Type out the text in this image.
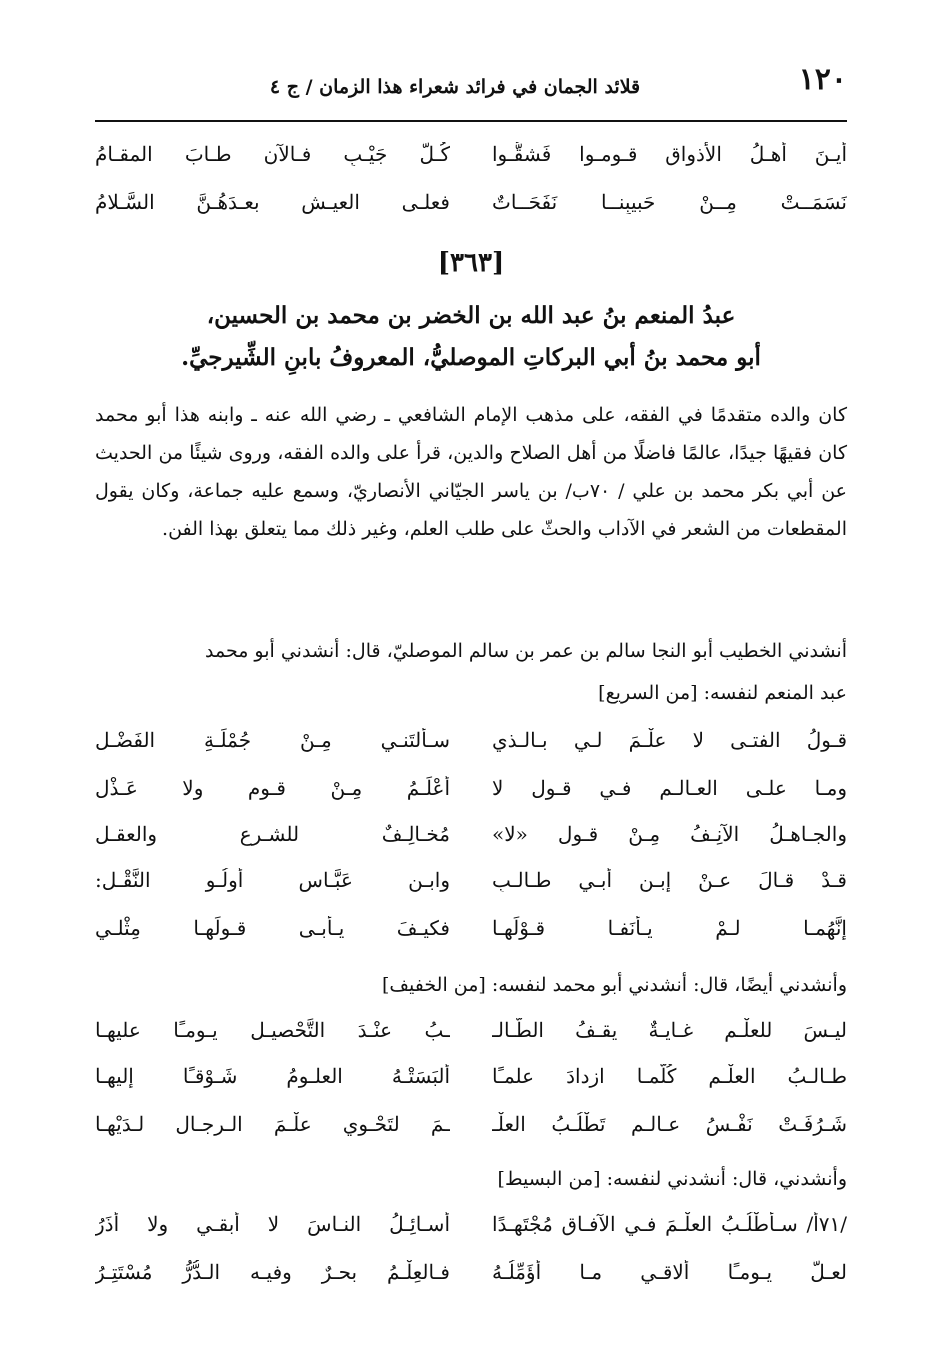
١٢٠
قلائد الجمان في فرائد شعراء هذا الزمان / ج ٤
أيـنَ أهـلُ الأذواق قـومـوا فَشقُّـوا
كُـلَّ جَيْـبٍ فـالآن طـابَ المقـامُ
نَسَمَــتْ مِــنْ حَبيبِنــا نَفَحَــاتٌ
فعلـى العيـشِ بعـدَهُـنَّ السَّـلامُ
[٣٦٣]
عبدُ المنعم بنُ عبد الله بن الخضر بن محمد بن الحسين،
أبو محمد بنُ أبي البركاتِ الموصليُّ، المعروفُ بابنِ الشِّيرجيِّ.
كان والده متقدمًا في الفقه، على مذهب الإمام الشافعي ـ رضي الله عنه ـ وابنه هذا أبو محمد كان فقيهًا جيدًا، عالمًا فاضلًا من أهل الصلاح والدين، قرأ على والده الفقه، وروى شيئًا من الحديث عن أبي بكر محمد بن علي / ٧٠ب/ بن ياسر الجيّاني الأنصاريّ، وسمع عليه جماعة، وكان يقول المقطعات من الشعر في الآداب والحثّ على طلب العلم، وغير ذلك مما يتعلق بهذا الفن.
أنشدني الخطيب أبو النجا سالم بن عمر بن سالم الموصليّ، قال: أنشدني أبو محمد
عبد المنعم لنفسه: [من السريع]
قـولُ الفتـى لا علْـمَ لـي بـالـذي
سـألتَنـي مِـنْ جُمْلَـةِ الفَضْـلِ
ومـا علـى العـالـمِ فـي قـول لا
أعْلَـمُ مِـنْ قـومٍ ولا عَـذْلِ
والجـاهـلُ الآنِـفُ مِـنْ قـولِ «لا»
مُخـالِـفٌ للشـرعِ والعقـلِ
قـدْ قـالَ عـنْ إبـنِ أبـي طـالـبِ
وابـنِ عَبَّـاسٍ أُولُـو النَّقْـلِ:
إنَّهُمـا لـمْ يـأنَفـا قـوْلَهـا
فكيـفَ يـأبـى قـولَهـا مِثْلـي
وأنشدني أيضًا، قال: أنشدني أبو محمد لنفسه: [من الخفيف]
ليـسَ للعلْـمِ غـايـةٌ يقـفُ الطّـالـ
ـبُ عنْـدَ التَّحْصيـلِ يـومـًا عليهـا
طـالـبُ العلْـمِ كُلّمـا ازدادَ علمـًا
ألبَسَتْـهُ العلـومُ شَـوْقـًا إليهـا
شَـرُفَـتْ نَفْـسُ عـالـمٍ تَطْلُـبُ العلْـ
ـمَ لتَحْـوي علْـمَ الـرجـالِ لـدَيْهـا
وأنشدني، قال: أنشدني لنفسه: [من البسيط]
/٧١أ/ سـأطْلُـبُ العلْـمَ فـي الآفـاقِ مُجْتَهِـدًا
أسـائِـلُ النـاسَ لا أُبقـي ولا أذَرُ
لعـلَّ يـومـًا ألاقـي مـا أُؤَمِّلُـهُ
فـالعِلْـمُ بحـرٌ وفيـه الـدُّرُّ مُسْتَتِـرُ
